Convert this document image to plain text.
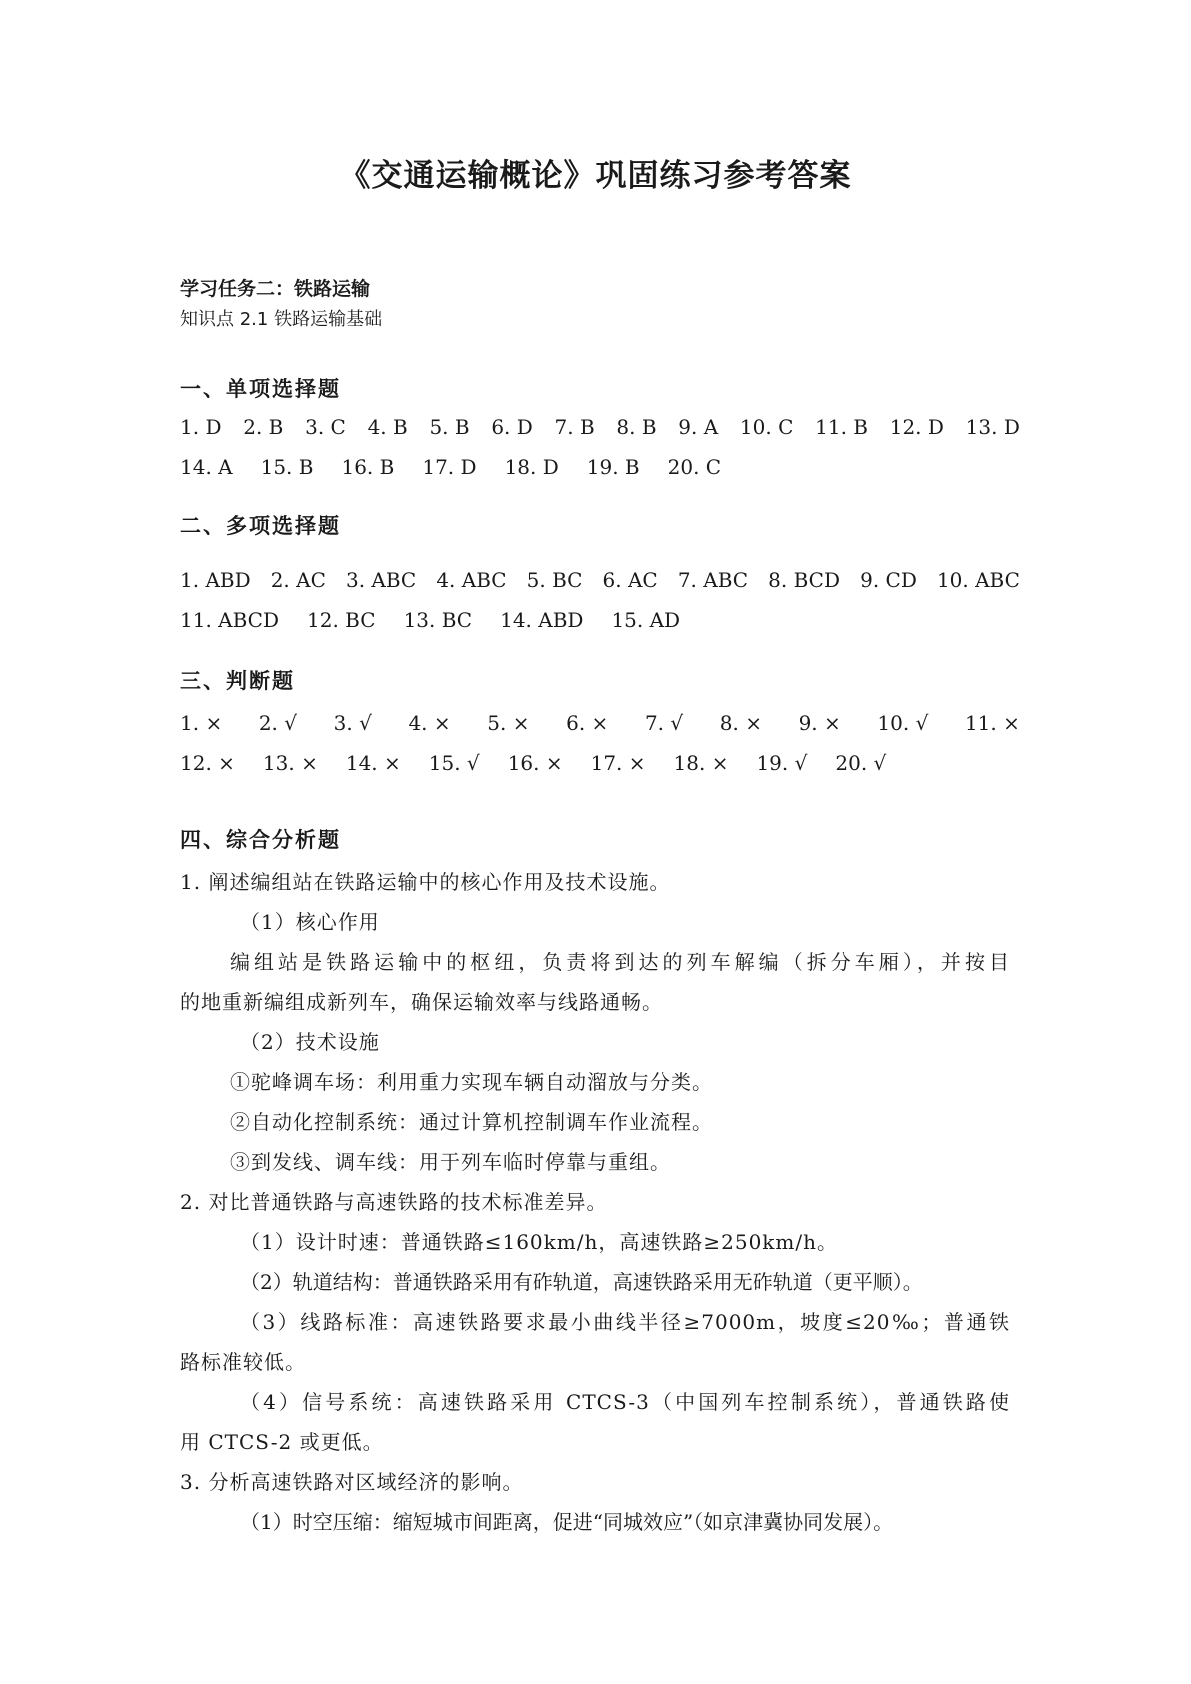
《交通运输概论》巩固练习参考答案
学习任务二：铁路运输
知识点 2.1 铁路运输基础
一、单项选择题
1. D 2. B 3. C 4. B 5. B 6. D 7. B 8. B 9. A 10. C 11. B 12. D 13. D
14. A 15. B 16. B 17. D 18. D 19. B 20. C
二、多项选择题
1. ABD 2. AC 3. ABC 4. ABC 5. BC 6. AC 7. ABC 8. BCD 9. CD 10. ABC
11. ABCD 12. BC 13. BC 14. ABD 15. AD
三、判断题
1. × 2. √ 3. √ 4. × 5. × 6. × 7. √ 8. × 9. × 10. √ 11. ×
12. × 13. × 14. × 15. √ 16. × 17. × 18. × 19. √ 20. √
四、综合分析题
1. 阐述编组站在铁路运输中的核心作用及技术设施。
（1）核心作用
编组站是铁路运输中的枢纽，负责将到达的列车解编（拆分车厢），并按目
的地重新编组成新列车，确保运输效率与线路通畅。
（2）技术设施
①驼峰调车场：利用重力实现车辆自动溜放与分类。
②自动化控制系统：通过计算机控制调车作业流程。
③到发线、调车线：用于列车临时停靠与重组。
2. 对比普通铁路与高速铁路的技术标准差异。
（1）设计时速：普通铁路≤160km/h，高速铁路≥250km/h。
（2）轨道结构：普通铁路采用有砟轨道，高速铁路采用无砟轨道（更平顺）。
（3）线路标准：高速铁路要求最小曲线半径≥7000m，坡度≤20‰；普通铁
路标准较低。
（4）信号系统：高速铁路采用 CTCS-3（中国列车控制系统），普通铁路使
用 CTCS-2 或更低。
3. 分析高速铁路对区域经济的影响。
（1）时空压缩：缩短城市间距离，促进“同城效应”（如京津冀协同发展）。
